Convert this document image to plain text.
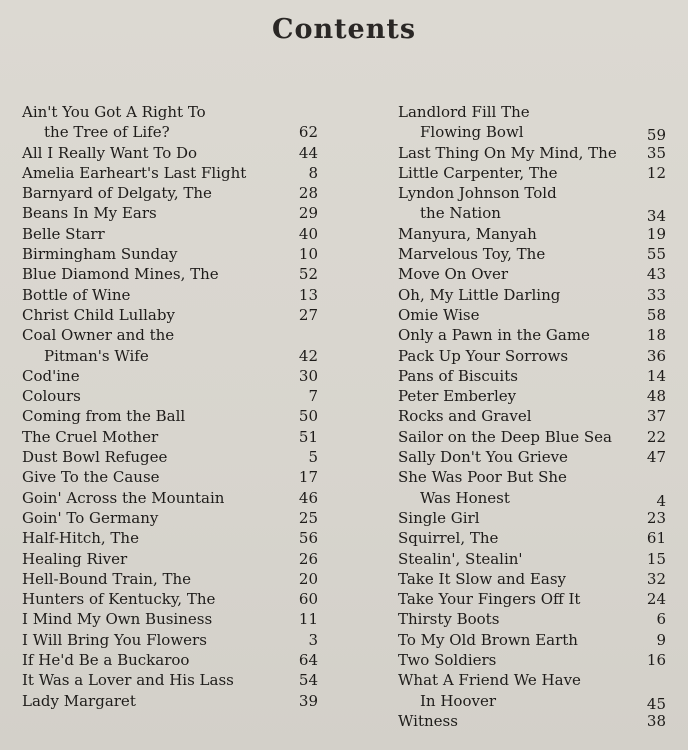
Contents
Ain't You Got A Right To
the Tree of Life?	62
All I Really Want To Do	44
Amelia Earheart's Last Flight	8
Barnyard of Delgaty, The	28
Beans In My Ears	29
Belle Starr	40
Birmingham Sunday	10
Blue Diamond Mines, The	52
Bottle of Wine	13
Christ Child Lullaby	27
Coal Owner and the
Pitman's Wife	42
Cod'ine	30
Colours	7
Coming from the Ball	50
The Cruel Mother	51
Dust Bowl Refugee	5
Give To the Cause	17
Goin' Across the Mountain	46
Goin' To Germany	25
Half-Hitch, The	56
Healing River	26
Hell-Bound Train, The	20
Hunters of Kentucky, The	60
I Mind My Own Business	11
I Will Bring You Flowers	3
If He'd Be a Buckaroo	64
It Was a Lover and His Lass	54
Lady Margaret	39
Landlord Fill The
Flowing Bowl	59
Last Thing On My Mind, The	35
Little Carpenter, The	12
Lyndon Johnson Told
the Nation	34
Manyura, Manyah	19
Marvelous Toy, The	55
Move On Over	43
Oh, My Little Darling	33
Omie Wise	58
Only a Pawn in the Game	18
Pack Up Your Sorrows	36
Pans of Biscuits	14
Peter Emberley	48
Rocks and Gravel	37
Sailor on the Deep Blue Sea	22
Sally Don't You Grieve	47
She Was Poor But She
Was Honest	4
Single Girl	23
Squirrel, The	61
Stealin', Stealin'	15
Take It Slow and Easy	32
Take Your Fingers Off It	24
Thirsty Boots	6
To My Old Brown Earth	9
Two Soldiers	16
What A Friend We Have
In Hoover	45
Witness	38
